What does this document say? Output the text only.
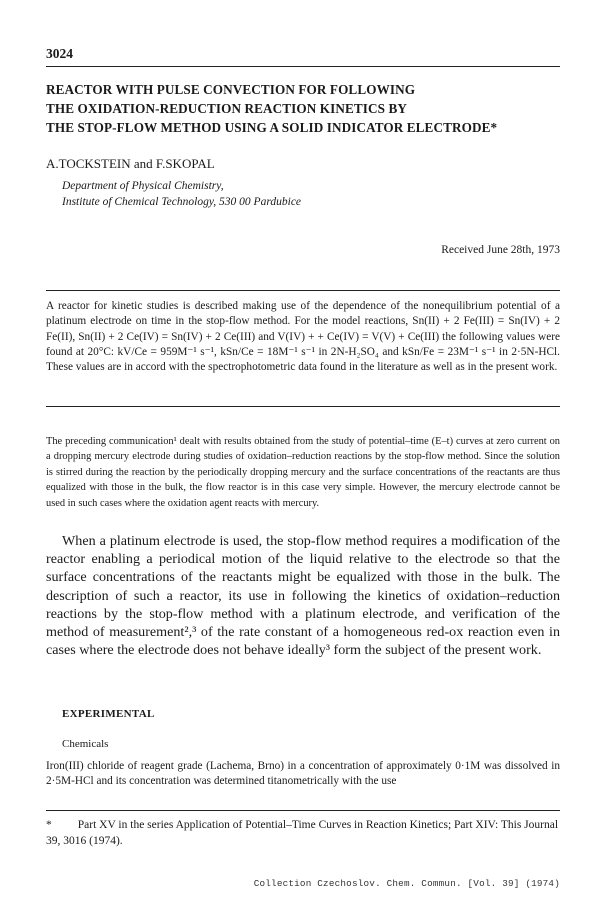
3024
REACTOR WITH PULSE CONVECTION FOR FOLLOWING
THE OXIDATION-REDUCTION REACTION KINETICS BY
THE STOP-FLOW METHOD USING A SOLID INDICATOR ELECTRODE*
A.TOCKSTEIN and F.SKOPAL
Department of Physical Chemistry,
Institute of Chemical Technology, 530 00 Pardubice
Received June 28th, 1973
A reactor for kinetic studies is described making use of the dependence of the nonequilibrium potential of a platinum electrode on time in the stop-flow method. For the model reactions, Sn(II) + 2 Fe(III) = Sn(IV) + 2 Fe(II), Sn(II) + 2 Ce(IV) = Sn(IV) + 2 Ce(III) and V(IV) + + Ce(IV) = V(V) + Ce(III) the following values were found at 20°C: kV/Ce = 959M⁻¹ s⁻¹, kSn/Ce = 18M⁻¹ s⁻¹ in 2N-H₂SO₄ and kSn/Fe = 23M⁻¹ s⁻¹ in 2·5N-HCl. These values are in accord with the spectrophotometric data found in the literature as well as in the present work.
The preceding communication¹ dealt with results obtained from the study of potential–time (E–t) curves at zero current on a dropping mercury electrode during studies of oxidation–reduction reactions by the stop-flow method. Since the solution is stirred during the reaction by the periodically dropping mercury and the surface concentrations of the reactants are thus equalized with those in the bulk, the flow reactor is in this case very simple. However, the mercury electrode cannot be used in such cases where the oxidation agent reacts with mercury.
When a platinum electrode is used, the stop-flow method requires a modification of the reactor enabling a periodical motion of the liquid relative to the electrode so that the surface concentrations of the reactants might be equalized with those in the bulk. The description of such a reactor, its use in following the kinetics of oxidation–reduction reactions by the stop-flow method with a platinum electrode, and verification of the method of measurement²,³ of the rate constant of a homogeneous red-ox reaction even in cases where the electrode does not behave ideally³ form the subject of the present work.
EXPERIMENTAL
Chemicals
Iron(III) chloride of reagent grade (Lachema, Brno) in a concentration of approximately 0·1M was dissolved in 2·5M-HCl and its concentration was determined titanometrically with the use
* Part XV in the series Application of Potential–Time Curves in Reaction Kinetics; Part XIV: This Journal 39, 3016 (1974).
Collection Czechoslov. Chem. Commun. [Vol. 39] (1974)
